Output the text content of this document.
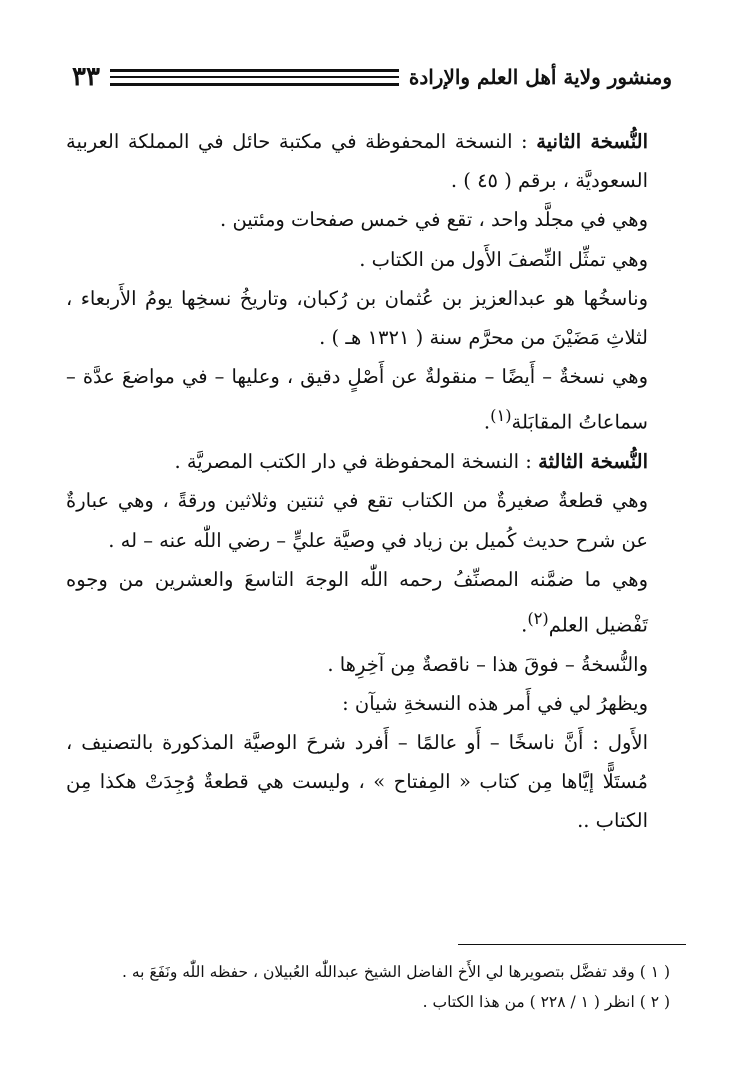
ومنشور ولاية أهل العلم والإرادة
٣٣

النُّسخة الثانية : النسخة المحفوظة في مكتبة حائل في المملكة العربية السعوديَّة ، برقم ( ٤٥ ) .

وهي في مجلَّد واحد ، تقع في خمس صفحات ومئتين .

وهي تمثِّل النِّصفَ الأَول من الكتاب .

وناسخُها هو عبدالعزيز بن عُثمان بن رُكبان، وتاريخُ نسخِها يومُ الأَربعاء ، لثلاثِ مَضَيْنَ من محرَّم سنة ( ١٣٢١ هـ ) .

وهي نسخةٌ – أَيضًا – منقولةٌ عن أَصْلٍ دقيق ، وعليها – في مواضعَ عدَّة – سماعاتُ المقابَلة$^{(١)}$.

النُّسخة الثالثة : النسخة المحفوظة في دار الكتب المصريَّة .

وهي قطعةٌ صغيرةٌ من الكتاب تقع في ثنتين وثلاثين ورقةً ، وهي عبارةٌ عن شرح حديث كُميل بن زياد في وصيَّة عليٍّ – رضي اللّٰه عنه – له .

وهي ما ضمَّنه المصنِّفُ رحمه اللّٰه الوجهَ التاسعَ والعشرين من وجوه تَفْضيل العلم$^{(٢)}$.

والنُّسخةُ – فوقَ هذا – ناقصةٌ مِن آخِرِها .

ويظهرُ لي في أَمر هذه النسخةِ شيآن :

الأَول : أَنَّ ناسخًا – أَو عالمًا – أَفرد شرحَ الوصيَّة المذكورة بالتصنيف ، مُستَلًّا إيَّاها مِن كتاب « المِفتاح » ، وليست هي قطعةٌ وُجِدَتْ هكذا مِن الكتاب ..

( ١ ) وقد تفضَّل بتصويرها لي الأَخ الفاضل الشيخ عبداللّٰه العُبيلان ، حفظه اللّٰه ونَفَعَ به .

( ٢ ) انظر ( ١ / ٢٢٨ ) من هذا الكتاب .
